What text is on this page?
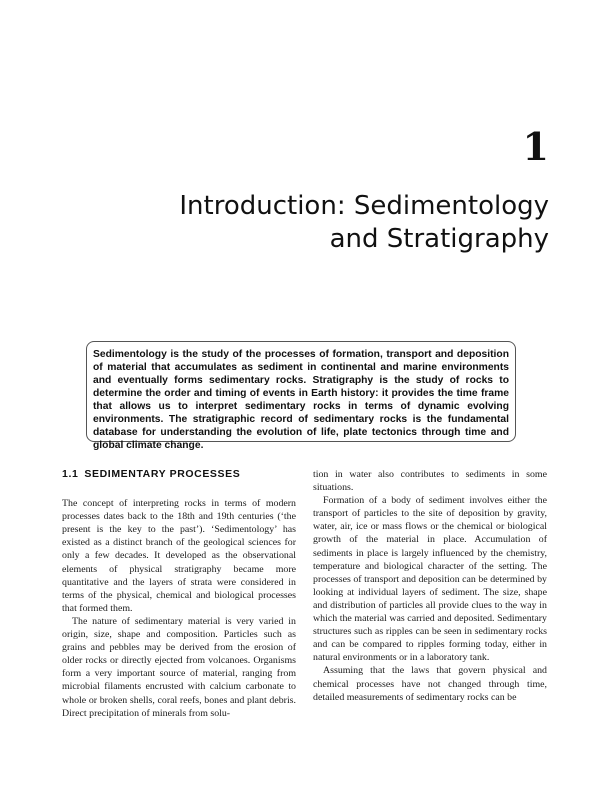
1
Introduction: Sedimentology
and Stratigraphy
Sedimentology is the study of the processes of formation, transport and deposition of material that accumulates as sediment in continental and marine environments and eventually forms sedimentary rocks. Stratigraphy is the study of rocks to determine the order and timing of events in Earth history: it provides the time frame that allows us to interpret sedimentary rocks in terms of dynamic evolving environments. The stratigraphic record of sedimentary rocks is the fundamental database for understanding the evolution of life, plate tectonics through time and global climate change.
1.1 SEDIMENTARY PROCESSES

The concept of interpreting rocks in terms of modern processes dates back to the 18th and 19th centuries (‘the present is the key to the past’). ‘Sedimentology’ has existed as a distinct branch of the geological sciences for only a few decades. It developed as the observational elements of physical stratigraphy became more quantitative and the layers of strata were considered in terms of the physical, chemical and biological processes that formed them.

The nature of sedimentary material is very varied in origin, size, shape and composition. Particles such as grains and pebbles may be derived from the erosion of older rocks or directly ejected from volcanoes. Organisms form a very important source of material, ranging from microbial filaments encrusted with calcium carbonate to whole or broken shells, coral reefs, bones and plant debris. Direct precipitation of minerals from solu-

tion in water also contributes to sediments in some situations.

Formation of a body of sediment involves either the transport of particles to the site of deposition by gravity, water, air, ice or mass flows or the chemical or biological growth of the material in place. Accumulation of sediments in place is largely influenced by the chemistry, temperature and biological character of the setting. The processes of transport and deposition can be determined by looking at individual layers of sediment. The size, shape and distribution of particles all provide clues to the way in which the material was carried and deposited. Sedimentary structures such as ripples can be seen in sedimentary rocks and can be compared to ripples forming today, either in natural environments or in a laboratory tank.

Assuming that the laws that govern physical and chemical processes have not changed through time, detailed measurements of sedimentary rocks can be
